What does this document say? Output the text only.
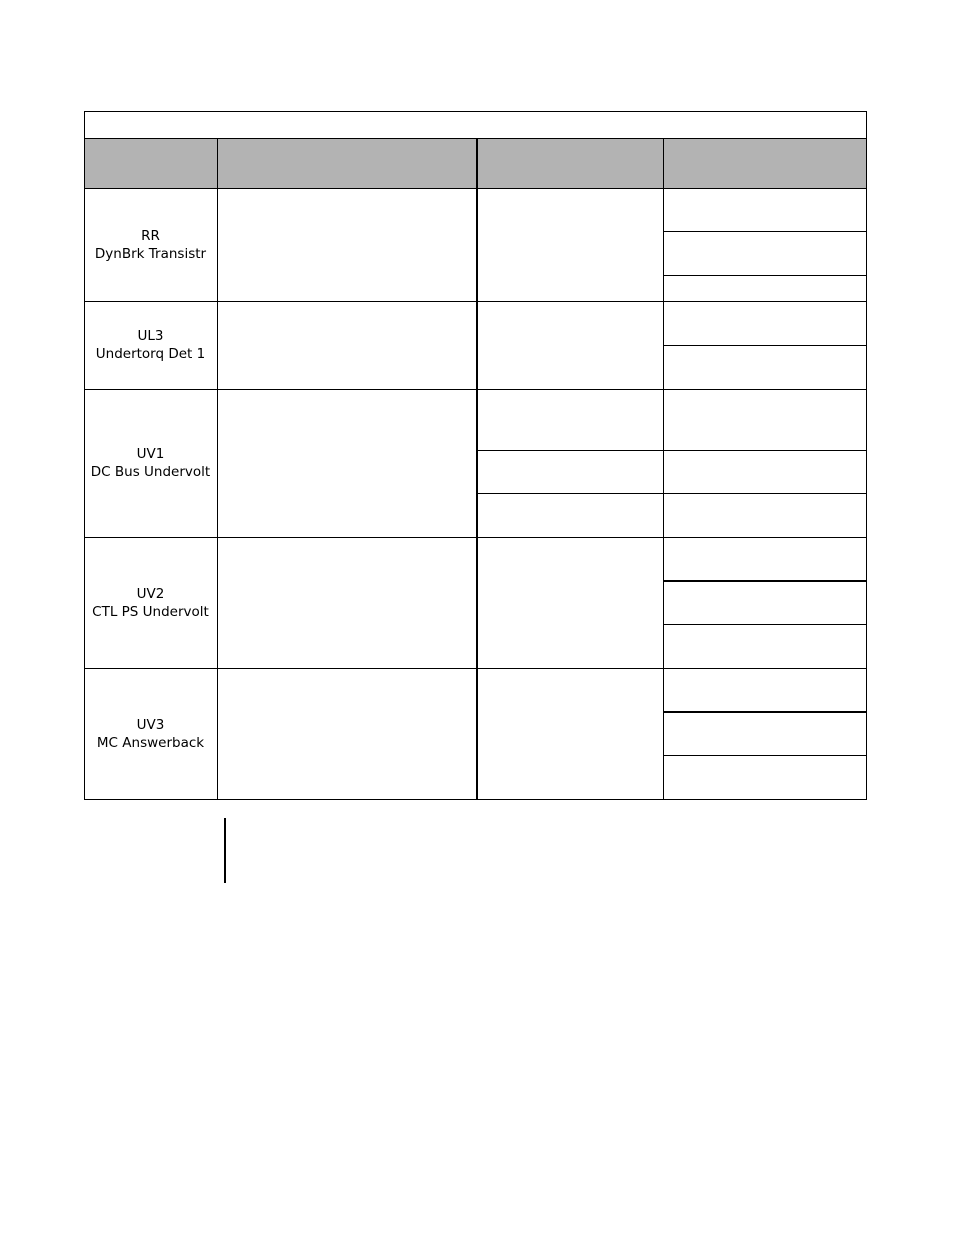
RR
DynBrk Transistr
UL3
Undertorq Det 1
UV1
DC Bus Undervolt
UV2
CTL PS Undervolt
UV3
MC Answerback
